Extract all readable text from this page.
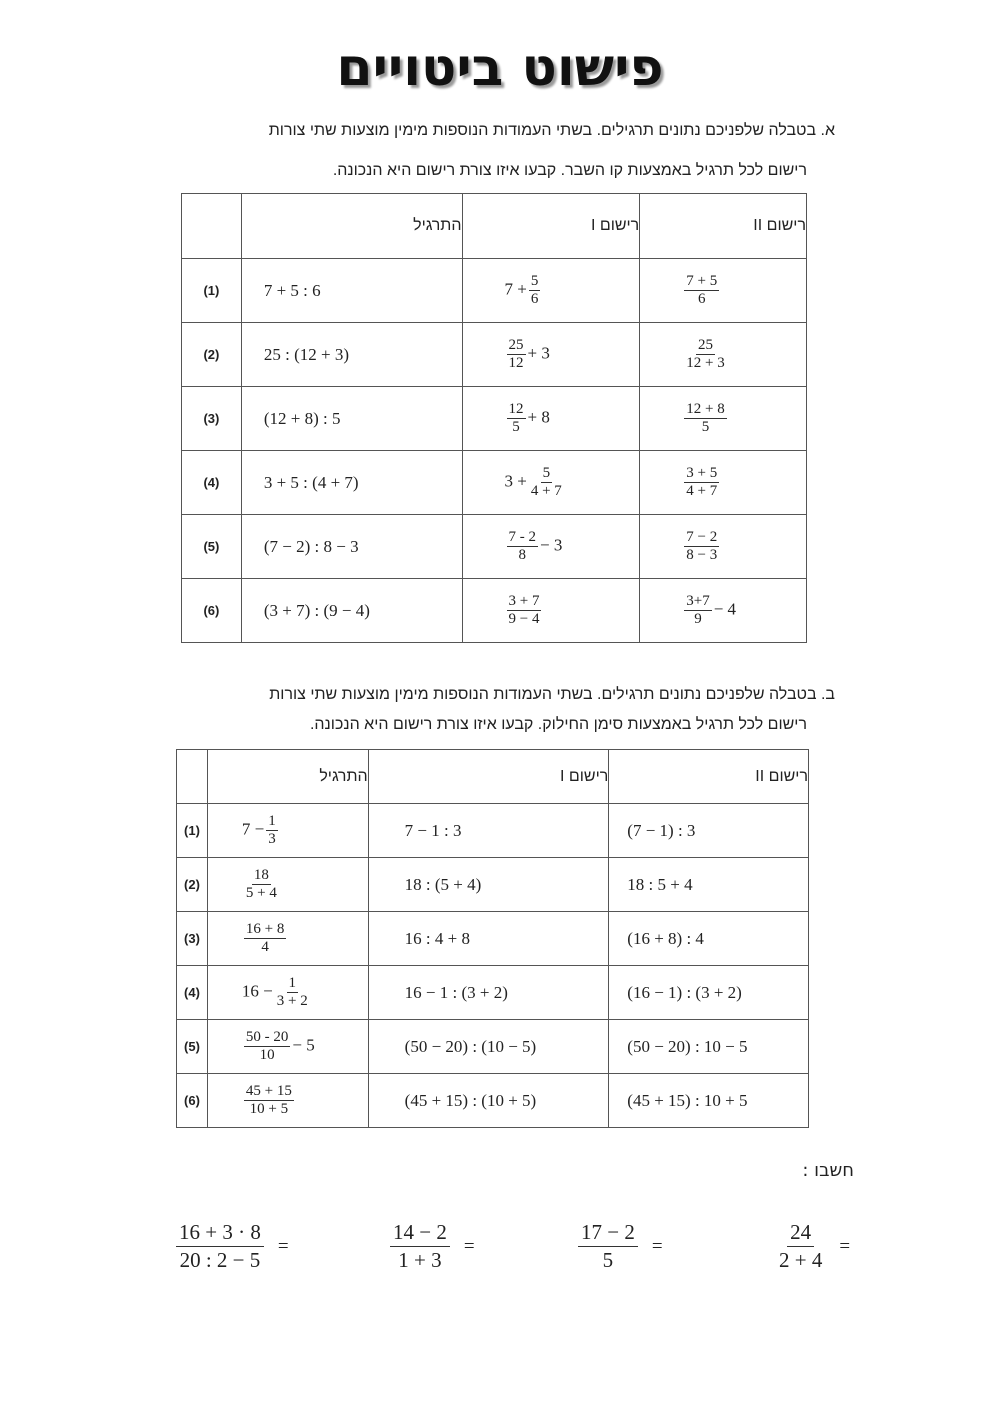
פישוט ביטויים
א. בטבלה שלפניכם נתונים תרגילים. בשתי העמודות הנוספות מימין מוצעות שתי צורות
רישום לכל תרגיל באמצעות קו השבר. קבעו איזו צורת רישום היא הנכונה.
	התרגיל	רישום I	רישום II
(1)	7 + 5 : 6	$7 + \frac{5}{6}$	$\frac{7 + 5}{6}$

(2)	25 : (12 + 3)	$\frac{25}{12} + 3$	$\frac{25}{12 + 3}$

(3)	(12 + 8) : 5	$\frac{12}{5} + 8$	$\frac{12 + 8}{5}$

(4)	3 + 5 : (4 + 7)	$3 + \frac{5}{4 + 7}$	$\frac{3 + 5}{4 + 7}$

(5)	(7 − 2) : 8 − 3	$\frac{7 - 2}{8} - 3$	$\frac{7 - 2}{8 - 3}$

(6)	(3 + 7) : (9 − 4)	$\frac{3 + 7}{9 - 4}$	$\frac{3+7}{9} - 4$
ב. בטבלה שלפניכם נתונים תרגילים. בשתי העמודות הנוספות מימין מוצעות שתי צורות
רישום לכל תרגיל באמצעות סימן החילוק. קבעו איזו צורת רישום היא הנכונה.
	התרגיל	רישום I	רישום II
(1)	$7 - \frac{1}{3}$	7 − 1 : 3	(7 − 1) : 3
(2)	$\frac{18}{5 + 4}$	18 : (5 + 4)	18 : 5 + 4
(3)	$\frac{16 + 8}{4}$	16 : 4 + 8	(16 + 8) : 4
(4)	$16 - \frac{1}{3 + 2}$	16 − 1 : (3 + 2)	(16 − 1) : (3 + 2)
(5)	$\frac{50 - 20}{10} - 5$	(50 − 20) : (10 − 5)	(50 − 20) : 10 − 5
(6)	$\frac{45 + 15}{10 + 5}$	(45 + 15) : (10 + 5)	(45 + 15) : 10 + 5
חשבו :
$\frac{24}{2 + 4}$ =
$\frac{17 - 2}{5}$ =
$\frac{14 - 2}{1 + 3}$ =
$\frac{16 + 3 \cdot 8}{20 : 2 - 5}$ =
